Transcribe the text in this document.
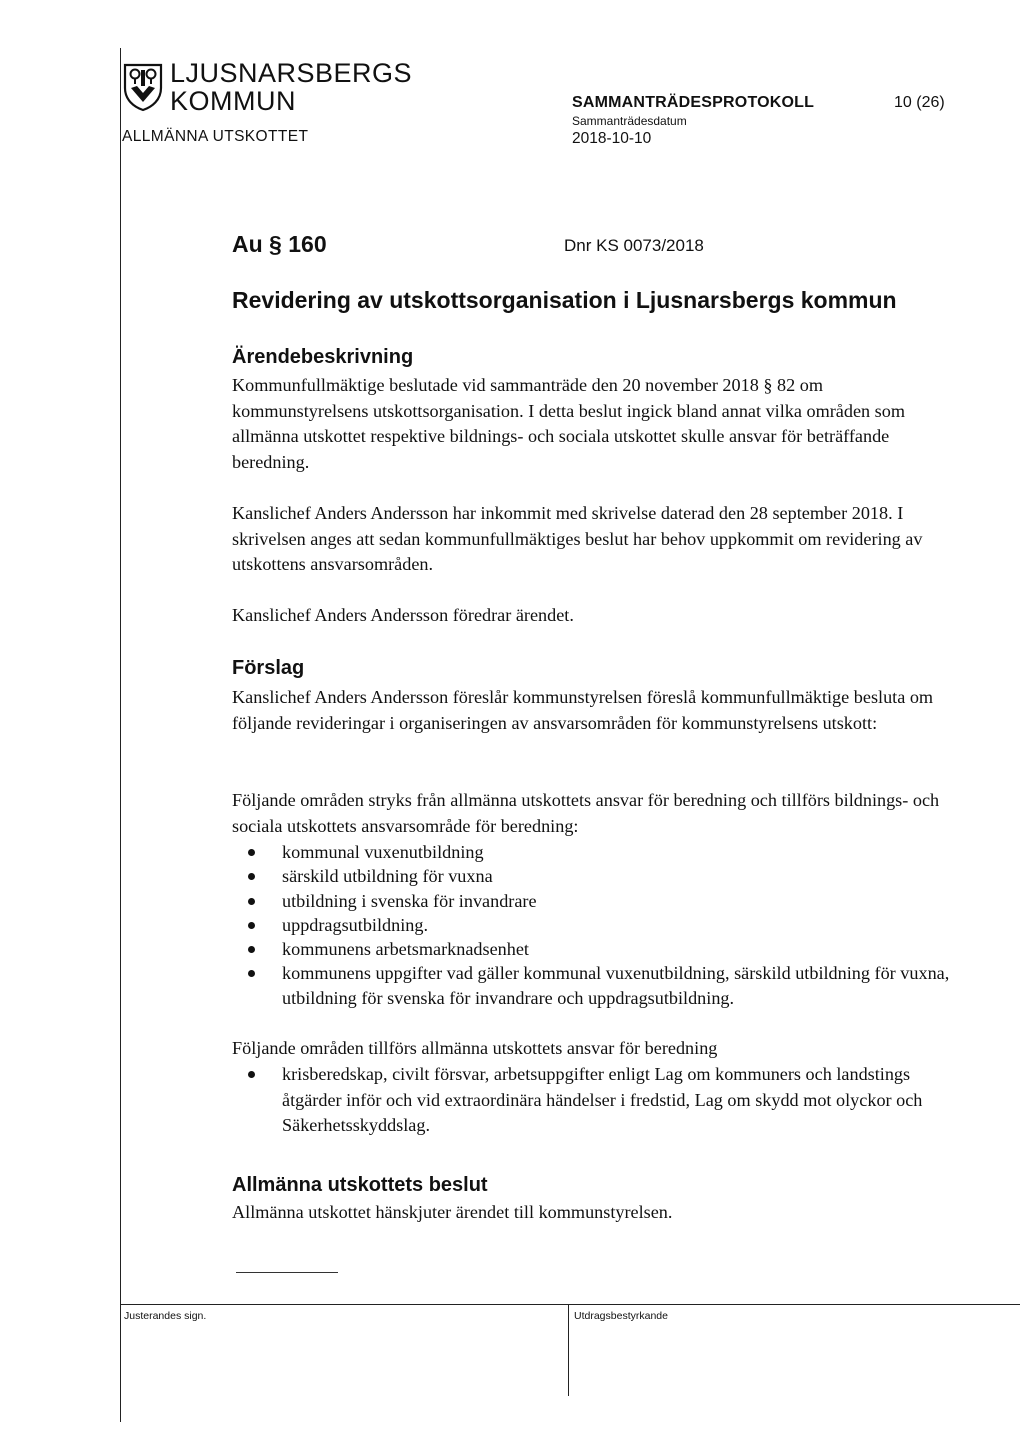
LJUSNARSBERGS
KOMMUN
ALLMÄNNA UTSKOTTET
SAMMANTRÄDESPROTOKOLL
Sammanträdesdatum
2018-10-10
10 (26)
Au § 160	Dnr KS 0073/2018
Revidering av utskottsorganisation i Ljusnarsbergs kommun
Ärendebeskrivning
Kommunfullmäktige beslutade vid sammanträde den 20 november 2018 § 82 om kommunstyrelsens utskottsorganisation. I detta beslut ingick bland annat vilka områden som allmänna utskottet respektive bildnings- och sociala utskottet skulle ansvar för beträffande beredning.
Kanslichef Anders Andersson har inkommit med skrivelse daterad den 28 september 2018. I skrivelsen anges att sedan kommunfullmäktiges beslut har behov uppkommit om revidering av utskottens ansvarsområden.
Kanslichef Anders Andersson föredrar ärendet.
Förslag
Kanslichef Anders Andersson föreslår kommunstyrelsen föreslå kommunfullmäktige besluta om följande revideringar i organiseringen av ansvarsområden för kommunstyrelsens utskott:
Följande områden stryks från allmänna utskottets ansvar för beredning och tillförs bildnings- och sociala utskottets ansvarsområde för beredning:
kommunal vuxenutbildning
särskild utbildning för vuxna
utbildning i svenska för invandrare
uppdragsutbildning.
kommunens arbetsmarknadsenhet
kommunens uppgifter vad gäller kommunal vuxenutbildning, särskild utbildning för vuxna, utbildning för svenska för invandrare och uppdragsutbildning.
Följande områden tillförs allmänna utskottets ansvar för beredning
krisberedskap, civilt försvar, arbetsuppgifter enligt Lag om kommuners och landstings åtgärder inför och vid extraordinära händelser i fredstid, Lag om skydd mot olyckor och Säkerhetsskyddslag.
Allmänna utskottets beslut
Allmänna utskottet hänskjuter ärendet till kommunstyrelsen.
Justerandes sign.	Utdragsbestyrkande
